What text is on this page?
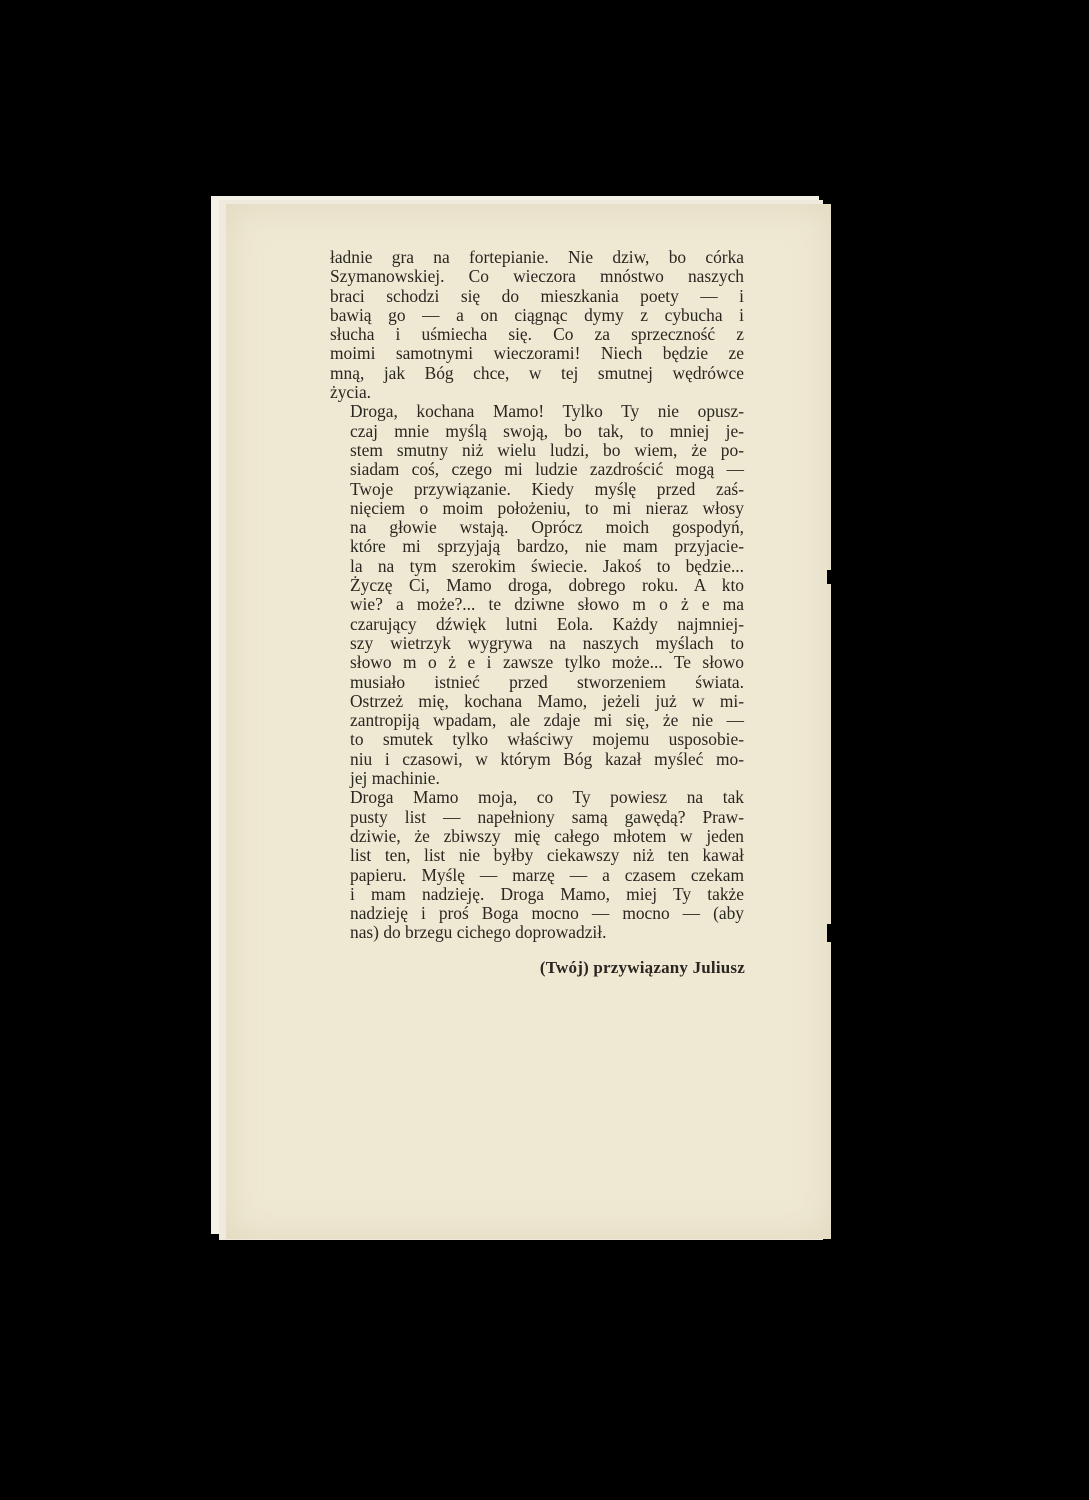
ładnie gra na fortepianie. Nie dziw, bo córka
Szymanowskiej. Co wieczora mnóstwo naszych
braci schodzi się do mieszkania poety — i
bawią go — a on ciągnąc dymy z cybucha i
słucha i uśmiecha się. Co za sprzeczność z
moimi samotnymi wieczorami! Niech będzie ze
mną, jak Bóg chce, w tej smutnej wędrówce
życia.

Droga, kochana Mamo! Tylko Ty nie opusz-
czaj mnie myślą swoją, bo tak, to mniej je-
stem smutny niż wielu ludzi, bo wiem, że po-
siadam coś, czego mi ludzie zazdrościć mogą —
Twoje przywiązanie. Kiedy myślę przed zaś-
nięciem o moim położeniu, to mi nieraz włosy
na głowie wstają. Oprócz moich gospodyń,
które mi sprzyjają bardzo, nie mam przyjacie-
la na tym szerokim świecie. Jakoś to będzie...
Życzę Ci, Mamo droga, dobrego roku. A kto
wie? a może?... te dziwne słowo m o ż e ma
czarujący dźwięk lutni Eola. Każdy najmniej-
szy wietrzyk wygrywa na naszych myślach to
słowo m o ż e i zawsze tylko może... Te słowo
musiało istnieć przed stworzeniem świata.
Ostrzeż mię, kochana Mamo, jeżeli już w mi-
zantropiją wpadam, ale zdaje mi się, że nie —
to smutek tylko właściwy mojemu usposobie-
niu i czasowi, w którym Bóg kazał myśleć mo-
jej machinie.

Droga Mamo moja, co Ty powiesz na tak
pusty list — napełniony samą gawędą? Praw-
dziwie, że zbiwszy mię całego młotem w jeden
list ten, list nie byłby ciekawszy niż ten kawał
papieru. Myślę — marzę — a czasem czekam
i mam nadzieję. Droga Mamo, miej Ty także
nadzieję i proś Boga mocno — mocno — (aby
nas) do brzegu cichego doprowadził.

(Twój) przywiązany Juliusz
